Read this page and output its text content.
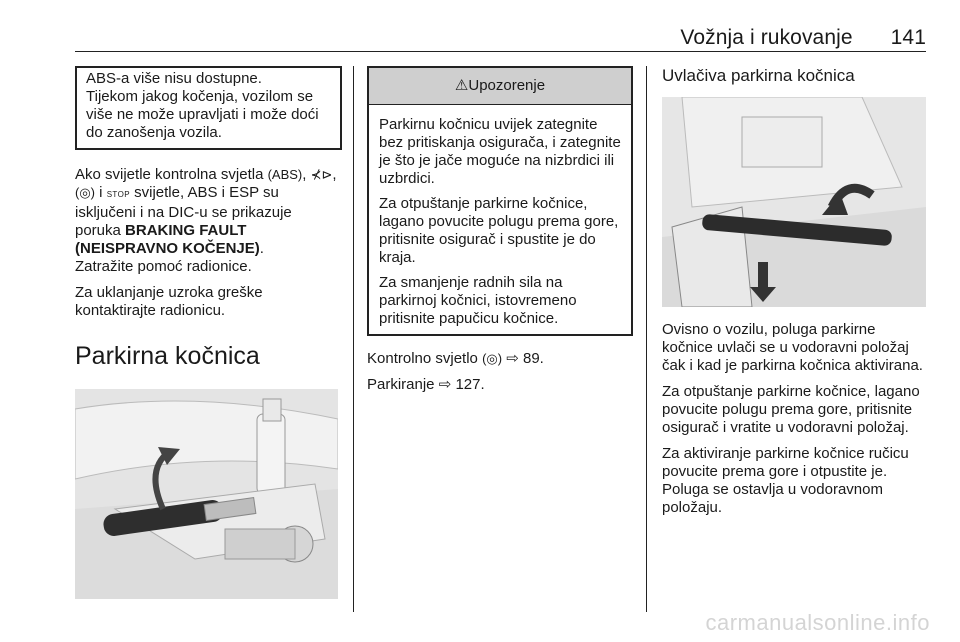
Vožnja i rukovanje 141

ABS-a više nisu dostupne.

Tijekom jakog kočenja, vozilom se više ne može upravljati i može doći do zanošenja vozila.

Ako svijetle kontrolna svjetla (ABS), ⊀⊳,
(◎) i STOP svijetle, ABS i ESP su isključeni i na DIC-u se prikazuje poruka BRAKING FAULT (NEISPRAVNO KOČENJE).
Zatražite pomoć radionice.

Za uklanjanje uzroka greške kontaktirajte radionicu.

Parkirna kočnica
⚠Upozorenje

Parkirnu kočnicu uvijek zategnite bez pritiskanja osigurača, i zategnite je što je jače moguće na nizbrdici ili uzbrdici.

Za otpuštanje parkirne kočnice, lagano povucite polugu prema gore, pritisnite osigurač i spustite je do kraja.

Za smanjenje radnih sila na parkirnoj kočnici, istovremeno pritisnite papučicu kočnice.

Kontrolno svjetlo (◎) ⇨ 89.

Parkiranje ⇨ 127.

Uvlačiva parkirna kočnica

Ovisno o vozilu, poluga parkirne kočnice uvlači se u vodoravni položaj čak i kad je parkirna kočnica aktivirana.

Za otpuštanje parkirne kočnice, lagano povucite polugu prema gore, pritisnite osigurač i vratite u vodoravni položaj.

Za aktiviranje parkirne kočnice ručicu povucite prema gore i otpustite je. Poluga se ostavlja u vodoravnom položaju.

carmanualsonline.info
